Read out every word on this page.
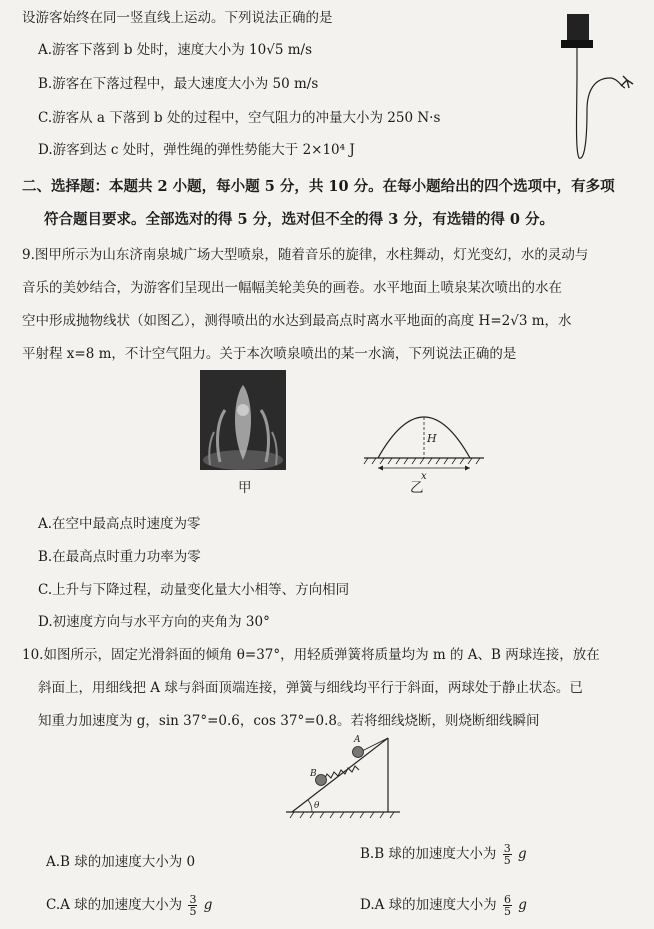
设游客始终在同一竖直线上运动。下列说法正确的是
A.游客下落到 b 处时，速度大小为 10√5 m/s
B.游客在下落过程中，最大速度大小为 50 m/s
C.游客从 a 下落到 b 处的过程中，空气阻力的冲量大小为 250 N·s
D.游客到达 c 处时，弹性绳的弹性势能大于 2×10⁴ J
二、选择题：本题共 2 小题，每小题 5 分，共 10 分。在每小题给出的四个选项中，有多项
符合题目要求。全部选对的得 5 分，选对但不全的得 3 分，有选错的得 0 分。
9.图甲所示为山东济南泉城广场大型喷泉，随着音乐的旋律，水柱舞动，灯光变幻，水的灵动与
音乐的美妙结合，为游客们呈现出一幅幅美轮美奂的画卷。水平地面上喷泉某次喷出的水在
空中形成抛物线状（如图乙），测得喷出的水达到最高点时离水平地面的高度 H=2√3 m，水
平射程 x=8 m，不计空气阻力。关于本次喷泉喷出的某一水滴，下列说法正确的是
甲
H
x
乙
A.在空中最高点时速度为零
B.在最高点时重力功率为零
C.上升与下降过程，动量变化量大小相等、方向相同
D.初速度方向与水平方向的夹角为 30°
10.如图所示，固定光滑斜面的倾角 θ=37°，用轻质弹簧将质量均为 m 的 A、B 两球连接，放在
斜面上，用细线把 A 球与斜面顶端连接，弹簧与细线均平行于斜面，两球处于静止状态。已
知重力加速度为 g，sin 37°=0.6，cos 37°=0.8。若将细线烧断，则烧断细线瞬间
A
B
θ
A.B 球的加速度大小为 0	B.B 球的加速度大小为 $\frac{3}{5}$ g
C.A 球的加速度大小为 $\frac{3}{5}$ g	D.A 球的加速度大小为 $\frac{6}{5}$ g
